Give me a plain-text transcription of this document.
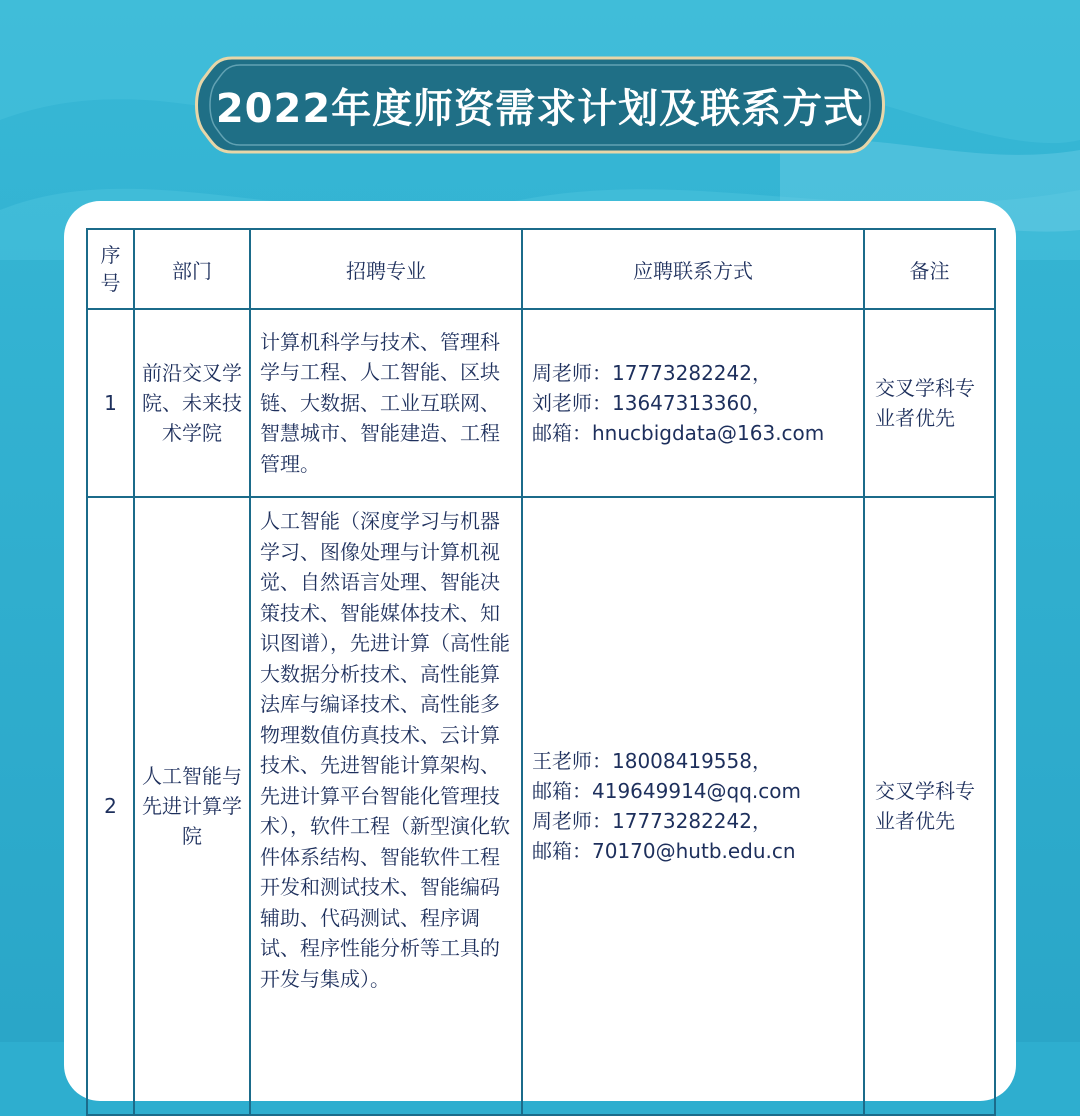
2022年度师资需求计划及联系方式
序
号	部门	招聘专业	应聘联系方式	备注
1	前沿交叉学院、未来技术学院	计算机科学与技术、管理科学与工程、人工智能、区块链、大数据、工业互联网、智慧城市、智能建造、工程管理。	周老师：17773282242，
刘老师：13647313360，
邮箱：hnucbigdata@163.com	交叉学科专业者优先

2	人工智能与先进计算学院	人工智能（深度学习与机器学习、图像处理与计算机视觉、自然语言处理、智能决策技术、智能媒体技术、知识图谱），先进计算（高性能大数据分析技术、高性能算法库与编译技术、高性能多物理数值仿真技术、云计算技术、先进智能计算架构、先进计算平台智能化管理技术），软件工程（新型演化软件体系结构、智能软件工程开发和测试技术、智能编码辅助、代码测试、程序调试、程序性能分析等工具的开发与集成）。	王老师：18008419558，
邮箱：419649914@qq.com
周老师：17773282242，
邮箱：70170@hutb.edu.cn	交叉学科专业者优先
